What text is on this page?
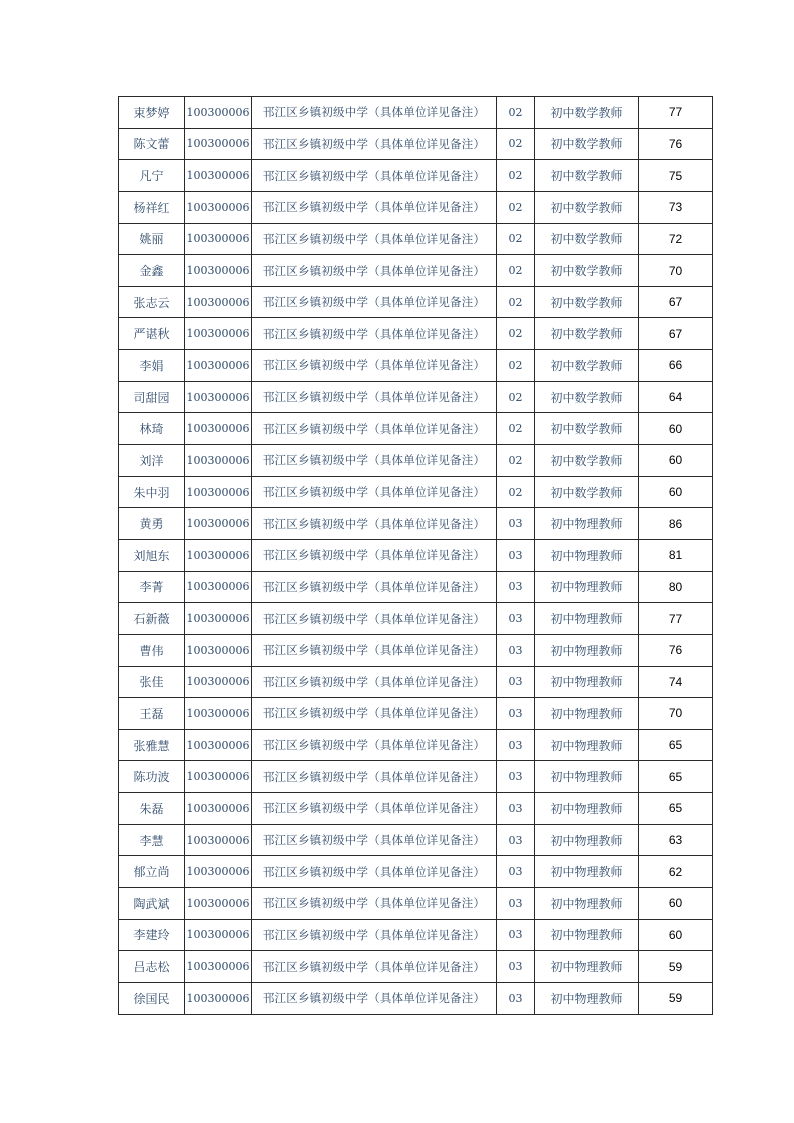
束梦婷	100300006	邗江区乡镇初级中学（具体单位详见备注）	02	初中数学教师	77
陈文蕾	100300006	邗江区乡镇初级中学（具体单位详见备注）	02	初中数学教师	76
凡宁	100300006	邗江区乡镇初级中学（具体单位详见备注）	02	初中数学教师	75
杨祥红	100300006	邗江区乡镇初级中学（具体单位详见备注）	02	初中数学教师	73
姚丽	100300006	邗江区乡镇初级中学（具体单位详见备注）	02	初中数学教师	72
金鑫	100300006	邗江区乡镇初级中学（具体单位详见备注）	02	初中数学教师	70
张志云	100300006	邗江区乡镇初级中学（具体单位详见备注）	02	初中数学教师	67
严谌秋	100300006	邗江区乡镇初级中学（具体单位详见备注）	02	初中数学教师	67
李娟	100300006	邗江区乡镇初级中学（具体单位详见备注）	02	初中数学教师	66
司甜园	100300006	邗江区乡镇初级中学（具体单位详见备注）	02	初中数学教师	64
林琦	100300006	邗江区乡镇初级中学（具体单位详见备注）	02	初中数学教师	60
刘洋	100300006	邗江区乡镇初级中学（具体单位详见备注）	02	初中数学教师	60
朱中羽	100300006	邗江区乡镇初级中学（具体单位详见备注）	02	初中数学教师	60
黄勇	100300006	邗江区乡镇初级中学（具体单位详见备注）	03	初中物理教师	86
刘旭东	100300006	邗江区乡镇初级中学（具体单位详见备注）	03	初中物理教师	81
李菁	100300006	邗江区乡镇初级中学（具体单位详见备注）	03	初中物理教师	80
石新薇	100300006	邗江区乡镇初级中学（具体单位详见备注）	03	初中物理教师	77
曹伟	100300006	邗江区乡镇初级中学（具体单位详见备注）	03	初中物理教师	76
张佳	100300006	邗江区乡镇初级中学（具体单位详见备注）	03	初中物理教师	74
王磊	100300006	邗江区乡镇初级中学（具体单位详见备注）	03	初中物理教师	70
张雅慧	100300006	邗江区乡镇初级中学（具体单位详见备注）	03	初中物理教师	65
陈功波	100300006	邗江区乡镇初级中学（具体单位详见备注）	03	初中物理教师	65
朱磊	100300006	邗江区乡镇初级中学（具体单位详见备注）	03	初中物理教师	65
李慧	100300006	邗江区乡镇初级中学（具体单位详见备注）	03	初中物理教师	63
郁立尚	100300006	邗江区乡镇初级中学（具体单位详见备注）	03	初中物理教师	62
陶武斌	100300006	邗江区乡镇初级中学（具体单位详见备注）	03	初中物理教师	60
李建玲	100300006	邗江区乡镇初级中学（具体单位详见备注）	03	初中物理教师	60
吕志松	100300006	邗江区乡镇初级中学（具体单位详见备注）	03	初中物理教师	59
徐国民	100300006	邗江区乡镇初级中学（具体单位详见备注）	03	初中物理教师	59
